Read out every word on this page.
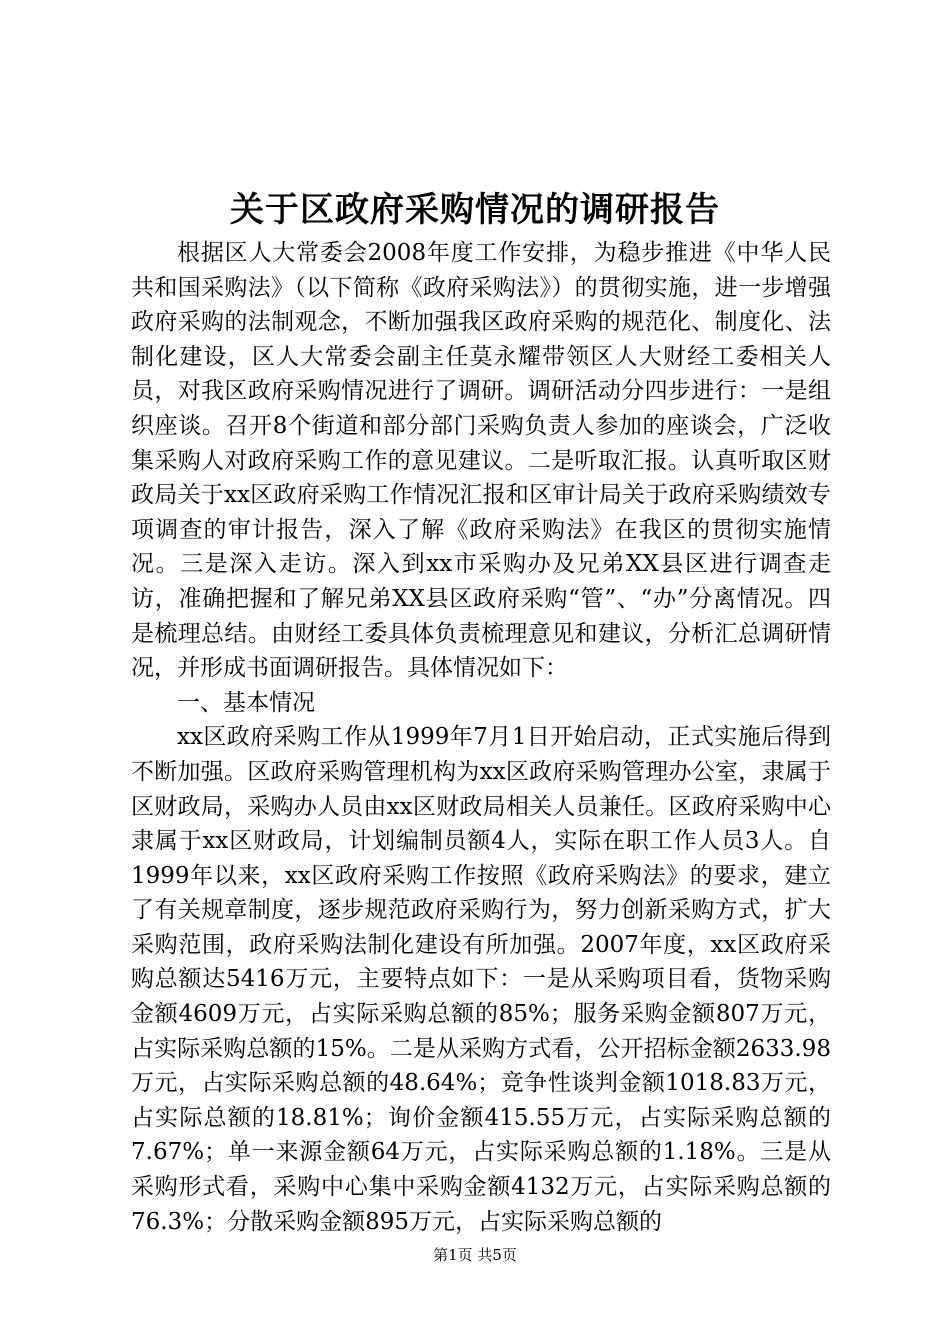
关于区政府采购情况的调研报告

根据区人大常委会2008年度工作安排，为稳步推进《中华人民共和国采购法》（以下简称《政府采购法》）的贯彻实施，进一步增强政府采购的法制观念，不断加强我区政府采购的规范化、制度化、法制化建设，区人大常委会副主任莫永耀带领区人大财经工委相关人员，对我区政府采购情况进行了调研。调研活动分四步进行：一是组织座谈。召开8个街道和部分部门采购负责人参加的座谈会，广泛收集采购人对政府采购工作的意见建议。二是听取汇报。认真听取区财政局关于xx区政府采购工作情况汇报和区审计局关于政府采购绩效专项调查的审计报告，深入了解《政府采购法》在我区的贯彻实施情况。三是深入走访。深入到xx市采购办及兄弟XX县区进行调查走访，准确把握和了解兄弟XX县区政府采购“管”、“办”分离情况。四是梳理总结。由财经工委具体负责梳理意见和建议，分析汇总调研情况，并形成书面调研报告。具体情况如下：

一、基本情况

xx区政府采购工作从1999年7月1日开始启动，正式实施后得到不断加强。区政府采购管理机构为xx区政府采购管理办公室，隶属于区财政局，采购办人员由xx区财政局相关人员兼任。区政府采购中心隶属于xx区财政局，计划编制员额4人，实际在职工作人员3人。自1999年以来，xx区政府采购工作按照《政府采购法》的要求，建立了有关规章制度，逐步规范政府采购行为，努力创新采购方式，扩大采购范围，政府采购法制化建设有所加强。2007年度，xx区政府采购总额达5416万元，主要特点如下：一是从采购项目看，货物采购金额4609万元，占实际采购总额的85%；服务采购金额807万元，占实际采购总额的15%。二是从采购方式看，公开招标金额2633.98万元，占实际采购总额的48.64%；竞争性谈判金额1018.83万元，占实际总额的18.81%；询价金额415.55万元，占实际采购总额的7.67%；单一来源金额64万元，占实际采购总额的1.18%。三是从采购形式看，采购中心集中采购金额4132万元，占实际采购总额的76.3%；分散采购金额895万元，占实际采购总额的

第1页 共5页
